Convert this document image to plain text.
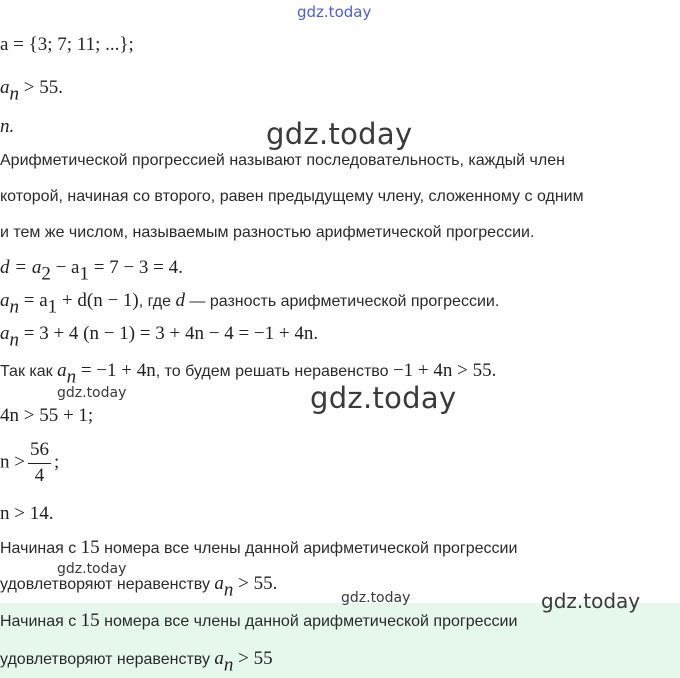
gdz.today
a = {3; 7; 11; ...};
$a_n > 55$.
n.	gdz.today
Арифметической прогрессией называют последовательность, каждый член
которой, начиная со второго, равен предыдущему члену, сложенному с одним
и тем же числом, называемым разностью арифметической прогрессии.
$d = a_2 - a_1 = 7 - 3 = 4$.
$a_n = a_1 + d(n - 1)$, где d — разность арифметической прогрессии.
$a_n = 3 + 4$ (n − 1) = 3 + 4n − 4 = −1 + 4n.
Так как $a_n = -1 + 4n$, то будем решать неравенство −1 + 4n > 55.
gdz.today	gdz.today
4n > 55 + 1;
$n > \frac{56}{4}$ ;
n > 14.
Начиная с 15 номера все члены данной арифметической прогрессии
gdz.today
удовлетворяют неравенству $a_n > 55$.
gdz.today	gdz.today
Начиная с 15 номера все члены данной арифметической прогрессии
удовлетворяют неравенству $a_n > 55$
